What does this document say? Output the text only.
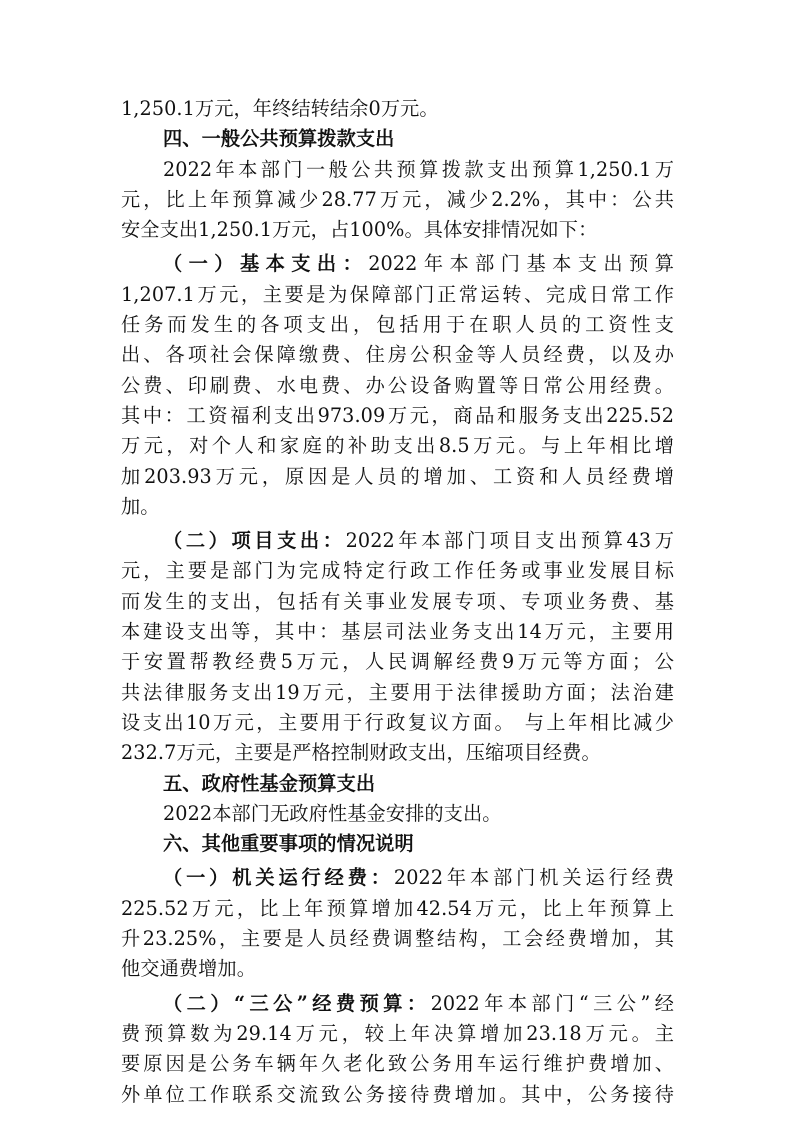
1,250.1万元，年终结转结余0万元。
四、一般公共预算拨款支出
2022年本部门一般公共预算拨款支出预算1,250.1万
元，比上年预算减少28.77万元，减少2.2%，其中：公共
安全支出1,250.1万元，占100%。具体安排情况如下：
（一）基本支出：2022年本部门基本支出预算
1,207.1万元，主要是为保障部门正常运转、完成日常工作
任务而发生的各项支出，包括用于在职人员的工资性支
出、各项社会保障缴费、住房公积金等人员经费，以及办
公费、印刷费、水电费、办公设备购置等日常公用经费。
其中：工资福利支出973.09万元，商品和服务支出225.52
万元，对个人和家庭的补助支出8.5万元。与上年相比增
加203.93万元，原因是人员的增加、工资和人员经费增
加。
（二）项目支出：2022年本部门项目支出预算43万
元，主要是部门为完成特定行政工作任务或事业发展目标
而发生的支出，包括有关事业发展专项、专项业务费、基
本建设支出等，其中：基层司法业务支出14万元，主要用
于安置帮教经费5万元，人民调解经费9万元等方面；公
共法律服务支出19万元，主要用于法律援助方面；法治建
设支出10万元，主要用于行政复议方面。 与上年相比减少
232.7万元，主要是严格控制财政支出，压缩项目经费。
五、政府性基金预算支出
2022本部门无政府性基金安排的支出。
六、其他重要事项的情况说明
（一）机关运行经费：2022年本部门机关运行经费
225.52万元，比上年预算增加42.54万元，比上年预算上
升23.25%，主要是人员经费调整结构，工会经费增加，其
他交通费增加。
（二）“三公”经费预算：2022年本部门“三公”经
费预算数为29.14万元，较上年决算增加23.18万元。主
要原因是公务车辆年久老化致公务用车运行维护费增加、
外单位工作联系交流致公务接待费增加。其中，公务接待
